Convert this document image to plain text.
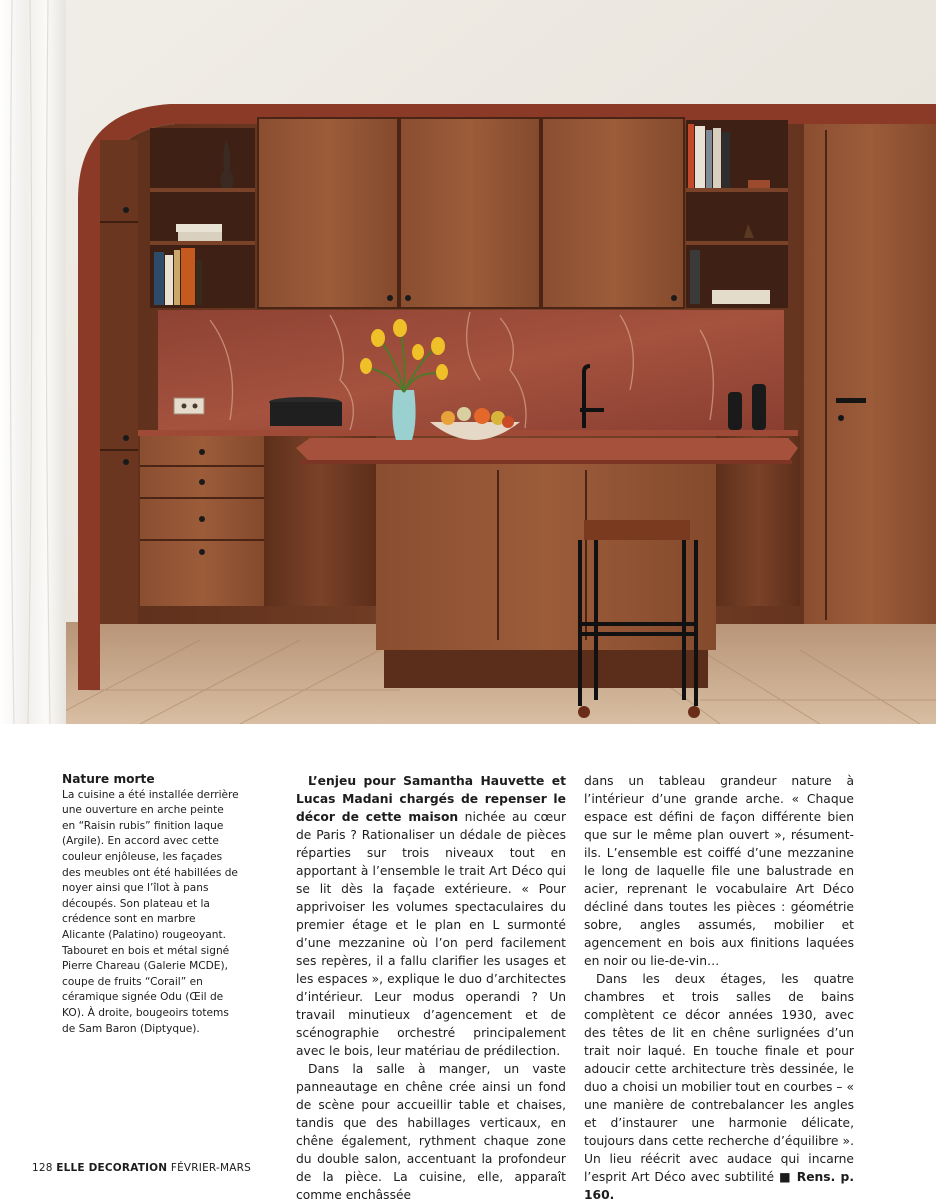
Nature morte
La cuisine a été installée derrière une ouverture en arche peinte en “Raisin rubis” finition laque (Argile). En accord avec cette couleur enjôleuse, les façades des meubles ont été habillées de noyer ainsi que l’îlot à pans découpés. Son plateau et la crédence sont en marbre Alicante (Palatino) rougeoyant. Tabouret en bois et métal signé Pierre Chareau (Galerie MCDE), coupe de fruits “Corail” en céramique signée Odu (Œil de KO). À droite, bougeoirs totems de Sam Baron (Diptyque).

L’enjeu pour Samantha Hauvette et Lucas Madani chargés de repenser le décor de cette maison nichée au cœur de Paris ? Rationaliser un dédale de pièces réparties sur trois niveaux tout en apportant à l’ensemble le trait Art Déco qui se lit dès la façade extérieure. « Pour apprivoiser les volumes spectaculaires du premier étage et le plan en L surmonté d’une mezzanine où l’on perd facilement ses repères, il a fallu clarifier les usages et les espaces », explique le duo d’architectes d’intérieur. Leur modus operandi ? Un travail minutieux d’agencement et de scénographie orchestré principalement avec le bois, leur matériau de prédilection.

Dans la salle à manger, un vaste panneautage en chêne crée ainsi un fond de scène pour accueillir table et chaises, tandis que des habillages verticaux, en chêne également, rythment chaque zone du double salon, accentuant la profondeur de la pièce. La cuisine, elle, apparaît comme enchâssée

dans un tableau grandeur nature à l’intérieur d’une grande arche. « Chaque espace est défini de façon différente bien que sur le même plan ouvert », résument-ils. L’ensemble est coiffé d’une mezzanine le long de laquelle file une balustrade en acier, reprenant le vocabulaire Art Déco décliné dans toutes les pièces : géométrie sobre, angles assumés, mobilier et agencement en bois aux finitions laquées en noir ou lie-de-vin…

Dans les deux étages, les quatre chambres et trois salles de bains complètent ce décor années 1930, avec des têtes de lit en chêne surlignées d’un trait noir laqué. En touche finale et pour adoucir cette architecture très dessinée, le duo a choisi un mobilier tout en courbes – « une manière de contrebalancer les angles et d’instaurer une harmonie délicate, toujours dans cette recherche d’équilibre ». Un lieu réécrit avec audace qui incarne l’esprit Art Déco avec subtilité ■ Rens. p. 160.

128 ELLE DECORATION FÉVRIER-MARS
